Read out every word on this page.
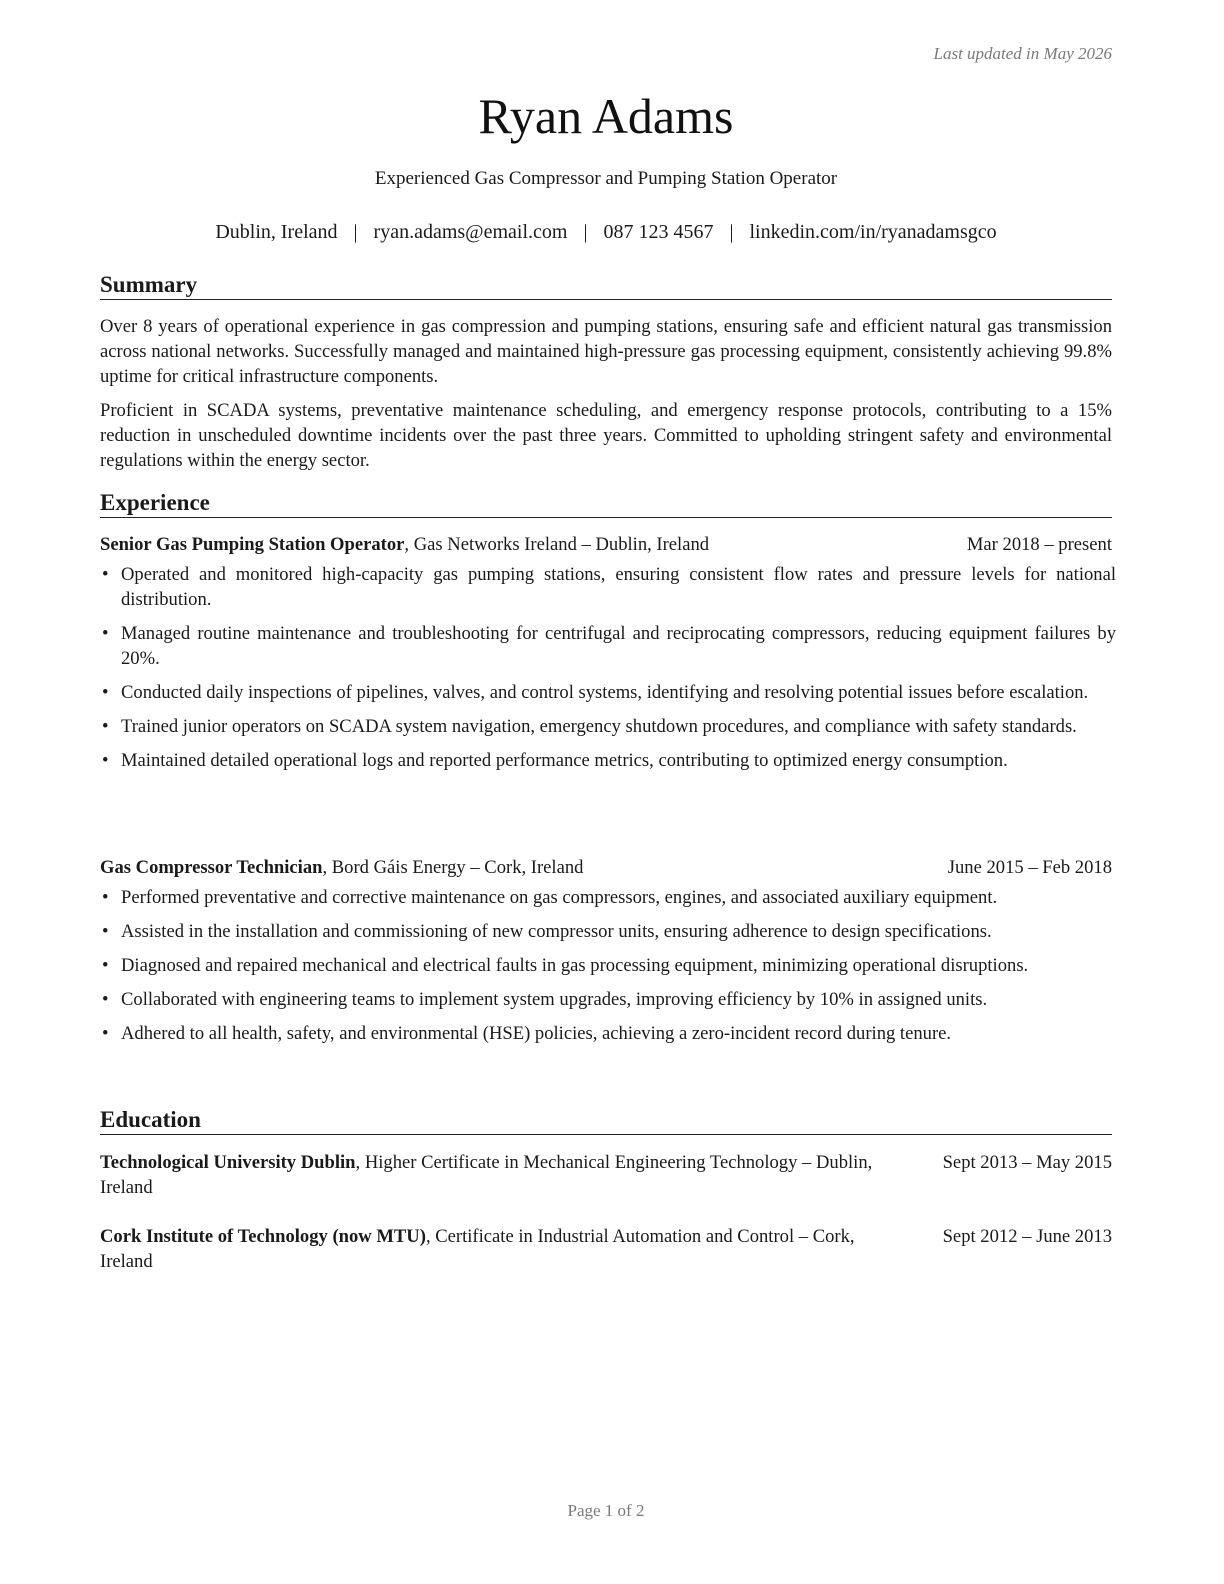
Last updated in May 2026
Ryan Adams
Experienced Gas Compressor and Pumping Station Operator
Dublin, Ireland | ryan.adams@email.com | 087 123 4567 | linkedin.com/in/ryanadamsgco
Summary
Over 8 years of operational experience in gas compression and pumping stations, ensuring safe and efficient natural gas transmission across national networks. Successfully managed and maintained high-pressure gas processing equipment, consistently achieving 99.8% uptime for critical infrastructure components.
Proficient in SCADA systems, preventative maintenance scheduling, and emergency response protocols, contributing to a 15% reduction in unscheduled downtime incidents over the past three years. Committed to upholding stringent safety and environmental regulations within the energy sector.
Experience
Senior Gas Pumping Station Operator, Gas Networks Ireland – Dublin, Ireland	Mar 2018 – present
• Operated and monitored high-capacity gas pumping stations, ensuring consistent flow rates and pressure levels for national distribution.
• Managed routine maintenance and troubleshooting for centrifugal and reciprocating compressors, reducing equipment failures by 20%.
• Conducted daily inspections of pipelines, valves, and control systems, identifying and resolving potential issues before escalation.
• Trained junior operators on SCADA system navigation, emergency shutdown procedures, and compliance with safety standards.
• Maintained detailed operational logs and reported performance metrics, contributing to optimized energy consumption.
Gas Compressor Technician, Bord Gáis Energy – Cork, Ireland	June 2015 – Feb 2018
• Performed preventative and corrective maintenance on gas compressors, engines, and associated auxiliary equipment.
• Assisted in the installation and commissioning of new compressor units, ensuring adherence to design specifications.
• Diagnosed and repaired mechanical and electrical faults in gas processing equipment, minimizing operational disruptions.
• Collaborated with engineering teams to implement system upgrades, improving efficiency by 10% in assigned units.
• Adhered to all health, safety, and environmental (HSE) policies, achieving a zero-incident record during tenure.
Education
Technological University Dublin, Higher Certificate in Mechanical Engineering Technology – Dublin, Ireland
Sept 2013 – May 2015
Cork Institute of Technology (now MTU), Certificate in Industrial Automation and Control – Cork, Ireland
Sept 2012 – June 2013
Page 1 of 2
